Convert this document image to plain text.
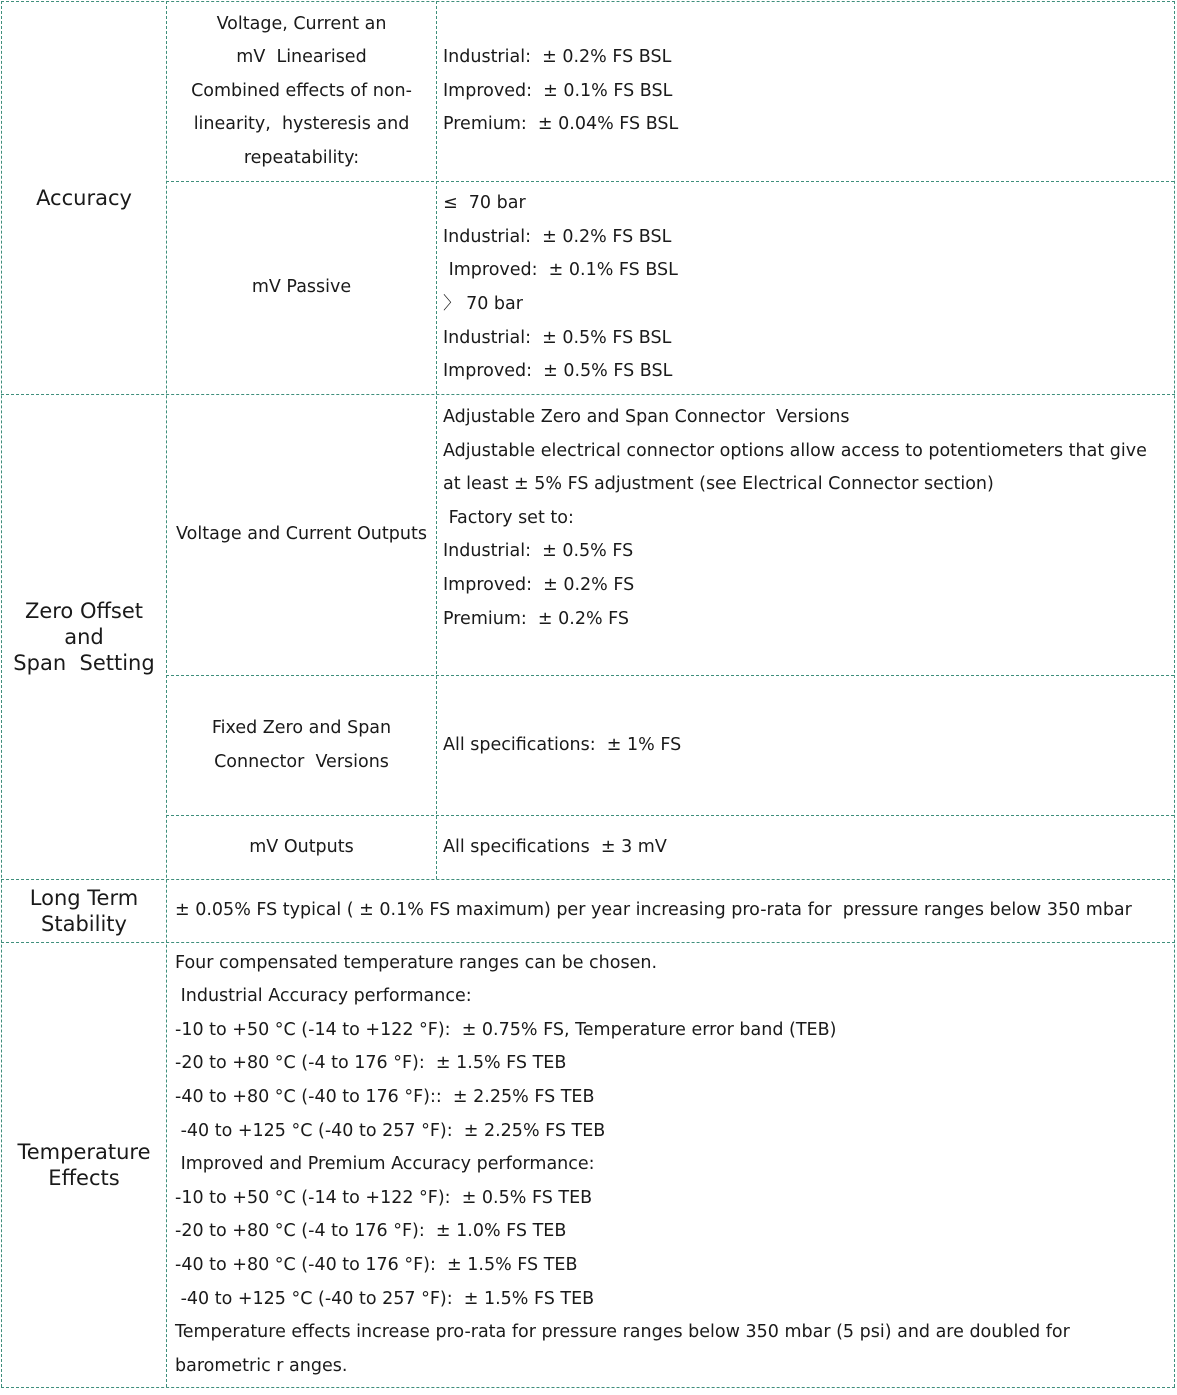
Accuracy
Voltage, Current an
mV  Linearised
Combined effects of non-
linearity,  hysteresis and
repeatability:
Industrial:  ± 0.2% FS BSL
Improved:  ± 0.1% FS BSL
Premium:  ± 0.04% FS BSL
mV Passive
≤  70 bar
Industrial:  ± 0.2% FS BSL
Improved:  ± 0.1% FS BSL
〉 70 bar
Industrial:  ± 0.5% FS BSL
Improved:  ± 0.5% FS BSL
Zero Offset
and
Span  Setting
Voltage and Current Outputs
Adjustable Zero and Span Connector  Versions
Adjustable electrical connector options allow access to potentiometers that give at least ± 5% FS adjustment (see Electrical Connector section)
Factory set to:
Industrial:  ± 0.5% FS
Improved:  ± 0.2% FS
Premium:  ± 0.2% FS
Fixed Zero and Span
Connector  Versions
All specifications:  ± 1% FS
mV Outputs	All specifications  ± 3 mV
Long Term
Stability
± 0.05% FS typical ( ± 0.1% FS maximum) per year increasing pro-rata for  pressure ranges below 350 mbar
Temperature
Effects
Four compensated temperature ranges can be chosen.
Industrial Accuracy performance:
-10 to +50 °C (-14 to +122 °F):  ± 0.75% FS, Temperature error band (TEB)
-20 to +80 °C (-4 to 176 °F):  ± 1.5% FS TEB
-40 to +80 °C (-40 to 176 °F)::  ± 2.25% FS TEB
-40 to +125 °C (-40 to 257 °F):  ± 2.25% FS TEB
Improved and Premium Accuracy performance:
-10 to +50 °C (-14 to +122 °F):  ± 0.5% FS TEB
-20 to +80 °C (-4 to 176 °F):  ± 1.0% FS TEB
-40 to +80 °C (-40 to 176 °F):  ± 1.5% FS TEB
-40 to +125 °C (-40 to 257 °F):  ± 1.5% FS TEB
Temperature effects increase pro-rata for pressure ranges below 350 mbar (5 psi) and are doubled for barometric r anges.
